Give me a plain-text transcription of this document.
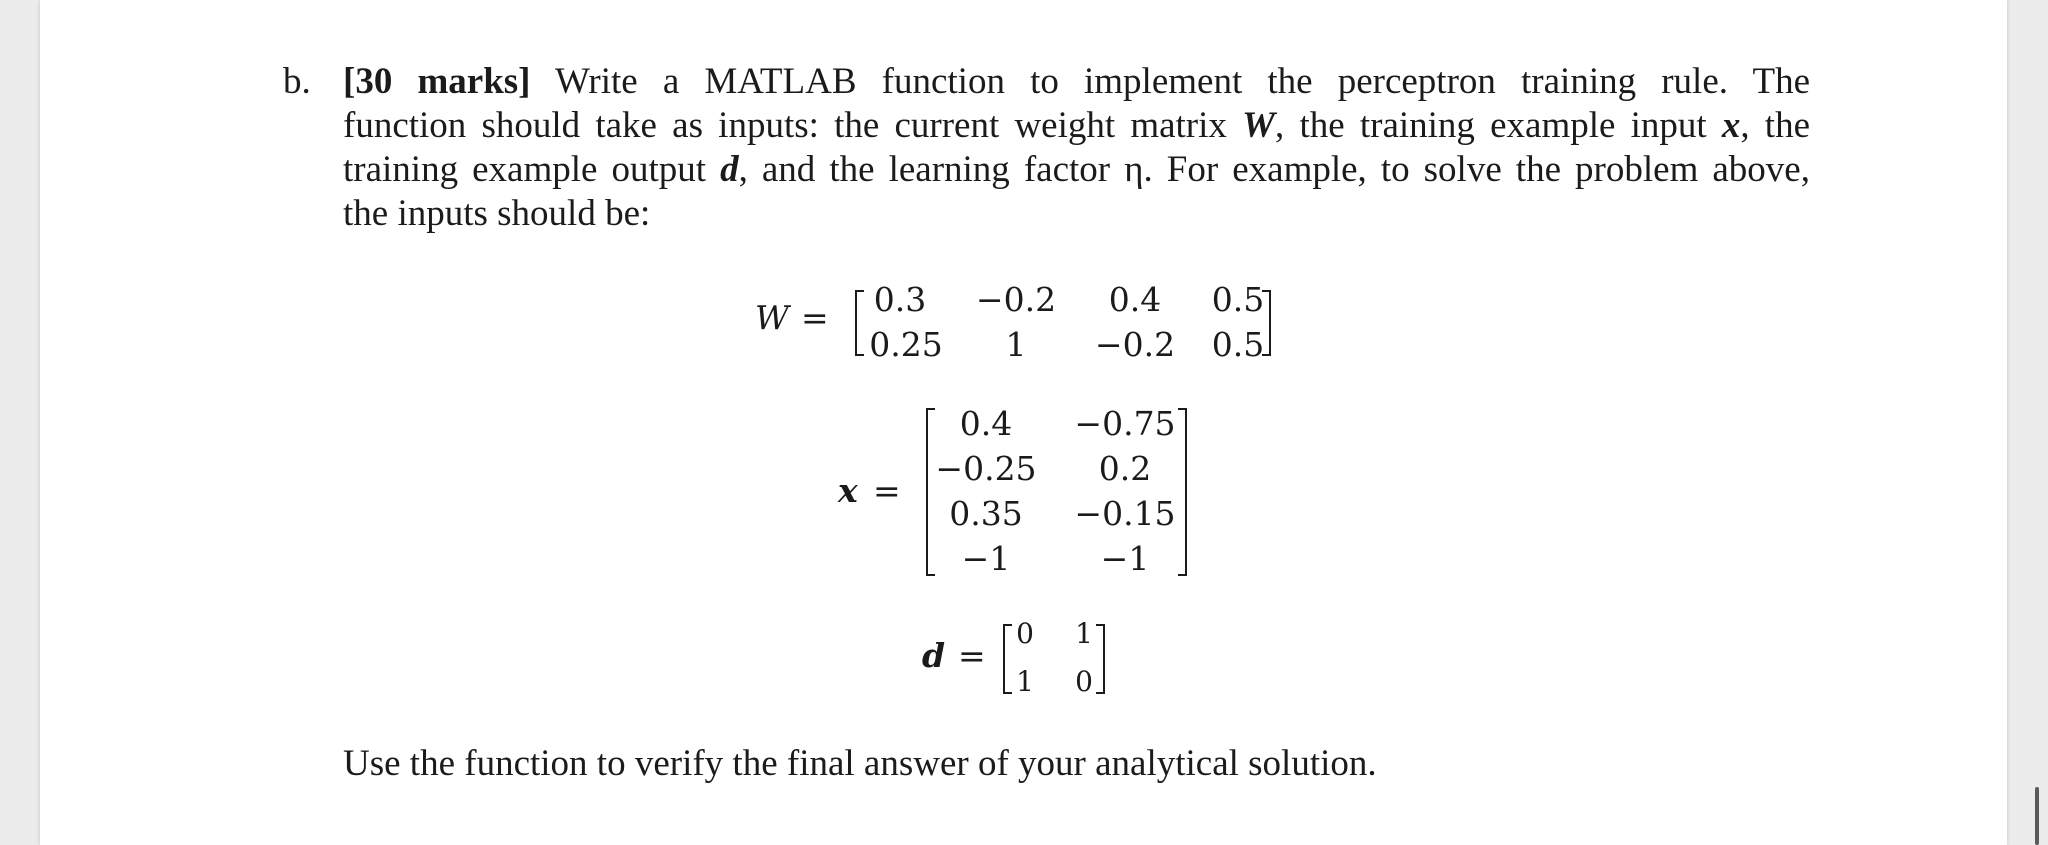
b. [30 marks] Write a MATLAB function to implement the perceptron training rule. The
function should take as inputs: the current weight matrix W, the training example input x, the
training example output d, and the learning factor η. For example, to solve the problem above,
the inputs should be:
W = 0.3 −0.2 0.4 0.5
0.25 1 −0.2 0.5
x =
0.4 −0.75
−0.25 0.2
0.35 −0.15
−1	−1
d =
0 1
1 0
Use the function to verify the final answer of your analytical solution.
